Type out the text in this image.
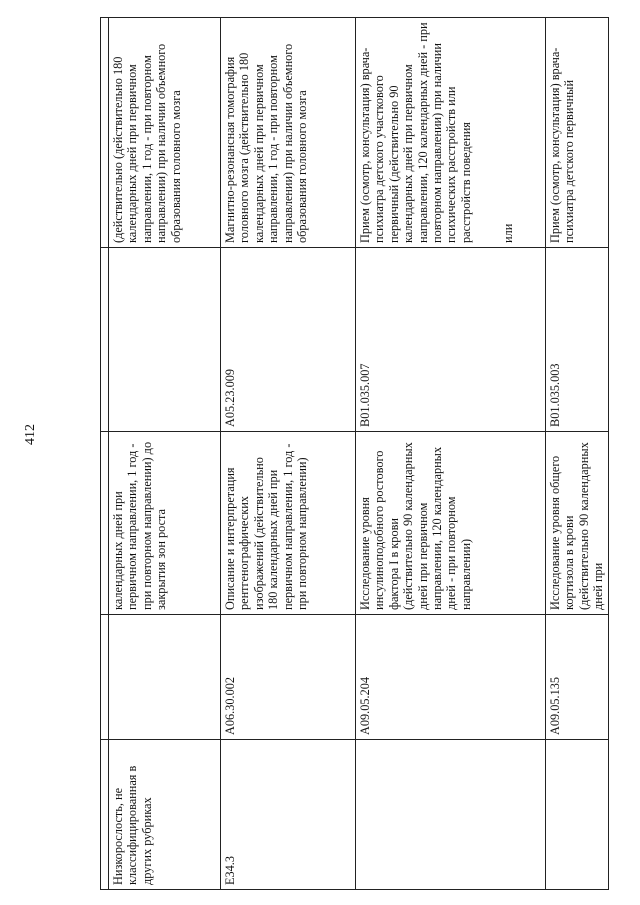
412

Низкорослость, не классифицированная в других рубриках		календарных дней при первичном направлении, 1 год - при повторном направлении) до закрытия зон роста		(действительно (действительно 180 календарных дней при первичном направлении, 1 год - при повторном направлении) при наличии объемного образования головного мозга

E34.3	A06.30.002	Описание и интерпретация рентгенографических изображений (действительно 180 календарных дней при первичном направлении, 1 год - при повторном направлении)	A05.23.009	Магнитно-резонансная томография головного мозга (действительно 180 календарных дней при первичном направлении, 1 год - при повторном направлении) при наличии объемного образования головного мозга

	A09.05.204	Исследование уровня инсулиноподобного ростового фактора I в крови (действительно 90 календарных дней при первичном направлении, 120 календарных дней - при повторном направлении)	B01.035.007	Прием (осмотр, консультация) врача-психиатра детского участкового первичный (действительно 90 календарных дней при первичном направлении, 120 календарных дней - при повторном направлении) при наличии психических расстройств или расстройств поведения или

	A09.05.135	Исследование уровня общего кортизола в крови (действительно 90 календарных дней при	B01.035.003	Прием (осмотр, консультация) врача-психиатра детского первичный
